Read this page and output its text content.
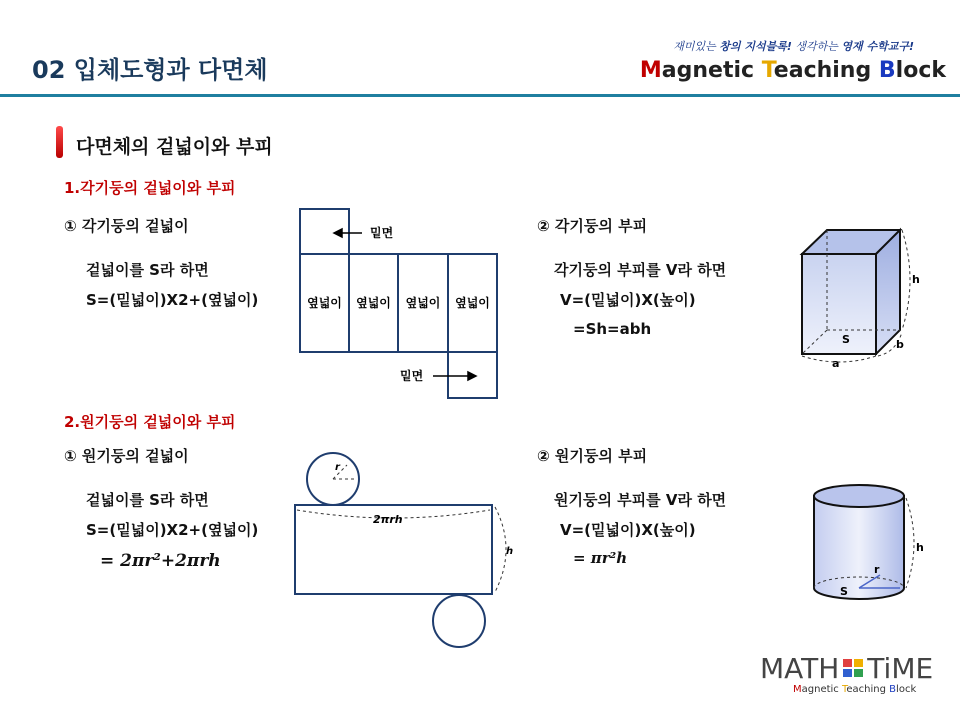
02 입체도형과 다면체
재미있는 창의 지석블록! 생각하는 영재 수학교구!
Magnetic Teaching Block
다면체의 겉넓이와 부피
1.각기둥의 겉넓이와 부피
① 각기둥의 겉넓이
겉넓이를 S라 하면
S=(밑넓이)X2+(옆넓이)
② 각기둥의 부피
각기둥의 부피를 V라 하면
V=(밑넓이)X(높이)
=Sh=abh
밑면
밑면
옆넓이 옆넓이 옆넓이 옆넓이
h
S	b
a
2.원기둥의 겉넓이와 부피
① 원기둥의 겉넓이
겉넓이를 S라 하면
S=(밑넓이)X2+(옆넓이)
= 2πr²+2πrh
② 원기둥의 부피
원기둥의 부피를 V라 하면
V=(밑넓이)X(높이)
= πr²h
r
2πrh
h	h
r
S
MATH TiME
Magnetic Teaching Block
